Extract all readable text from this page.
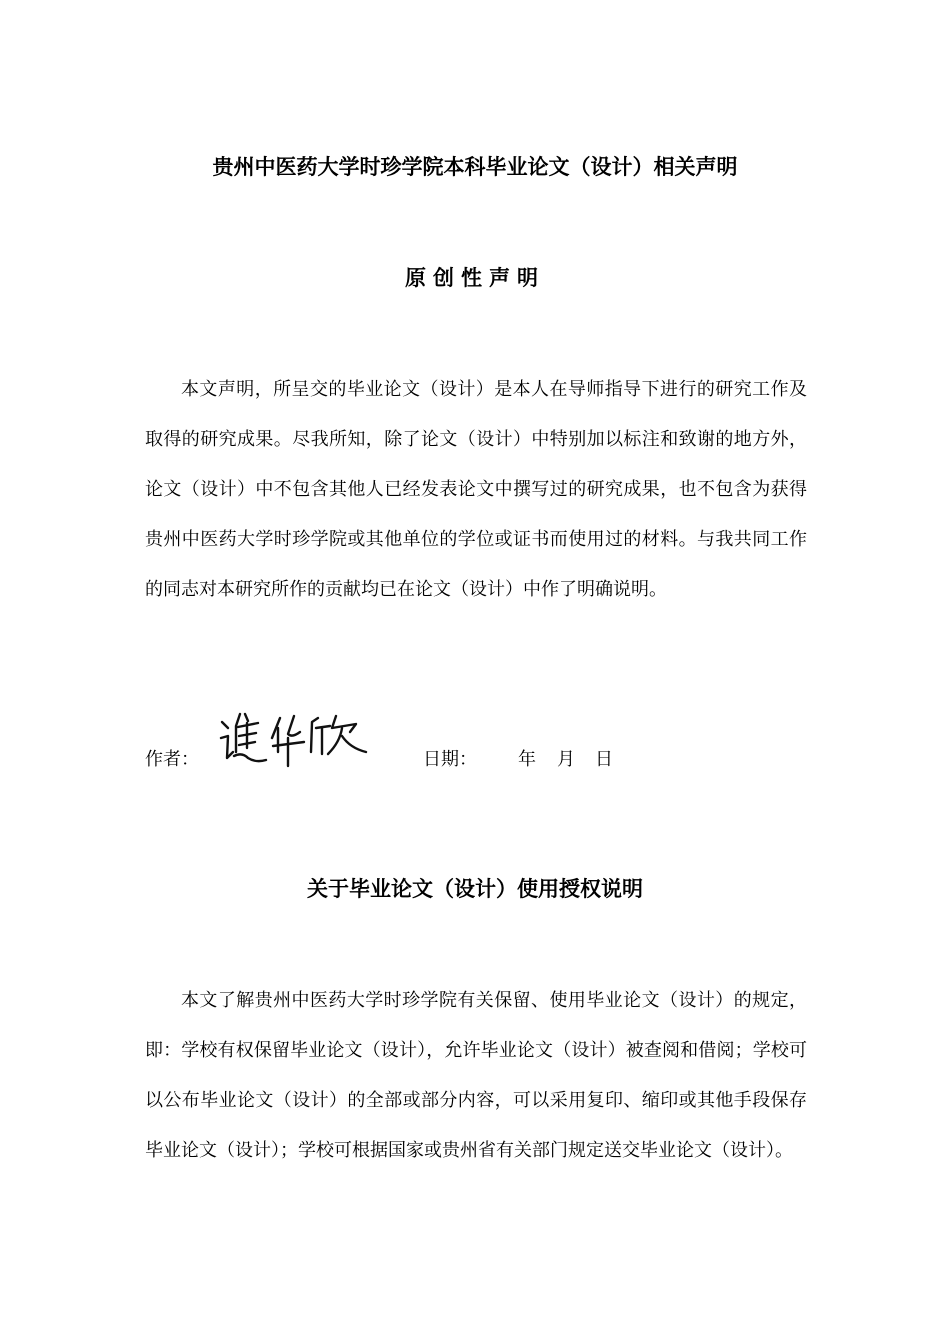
贵州中医药大学时珍学院本科毕业论文（设计）相关声明
原创性声明

本文声明，所呈交的毕业论文（设计）是本人在导师指导下进行的研究工作及取得的研究成果。尽我所知，除了论文（设计）中特别加以标注和致谢的地方外，论文（设计）中不包含其他人已经发表论文中撰写过的研究成果，也不包含为获得贵州中医药大学时珍学院或其他单位的学位或证书而使用过的材料。与我共同工作的同志对本研究所作的贡献均已在论文（设计）中作了明确说明。

作者：	日期： 年 月 日
关于毕业论文（设计）使用授权说明

本文了解贵州中医药大学时珍学院有关保留、使用毕业论文（设计）的规定，即：学校有权保留毕业论文（设计），允许毕业论文（设计）被查阅和借阅；学校可以公布毕业论文（设计）的全部或部分内容，可以采用复印、缩印或其他手段保存毕业论文（设计）；学校可根据国家或贵州省有关部门规定送交毕业论文（设计）。
